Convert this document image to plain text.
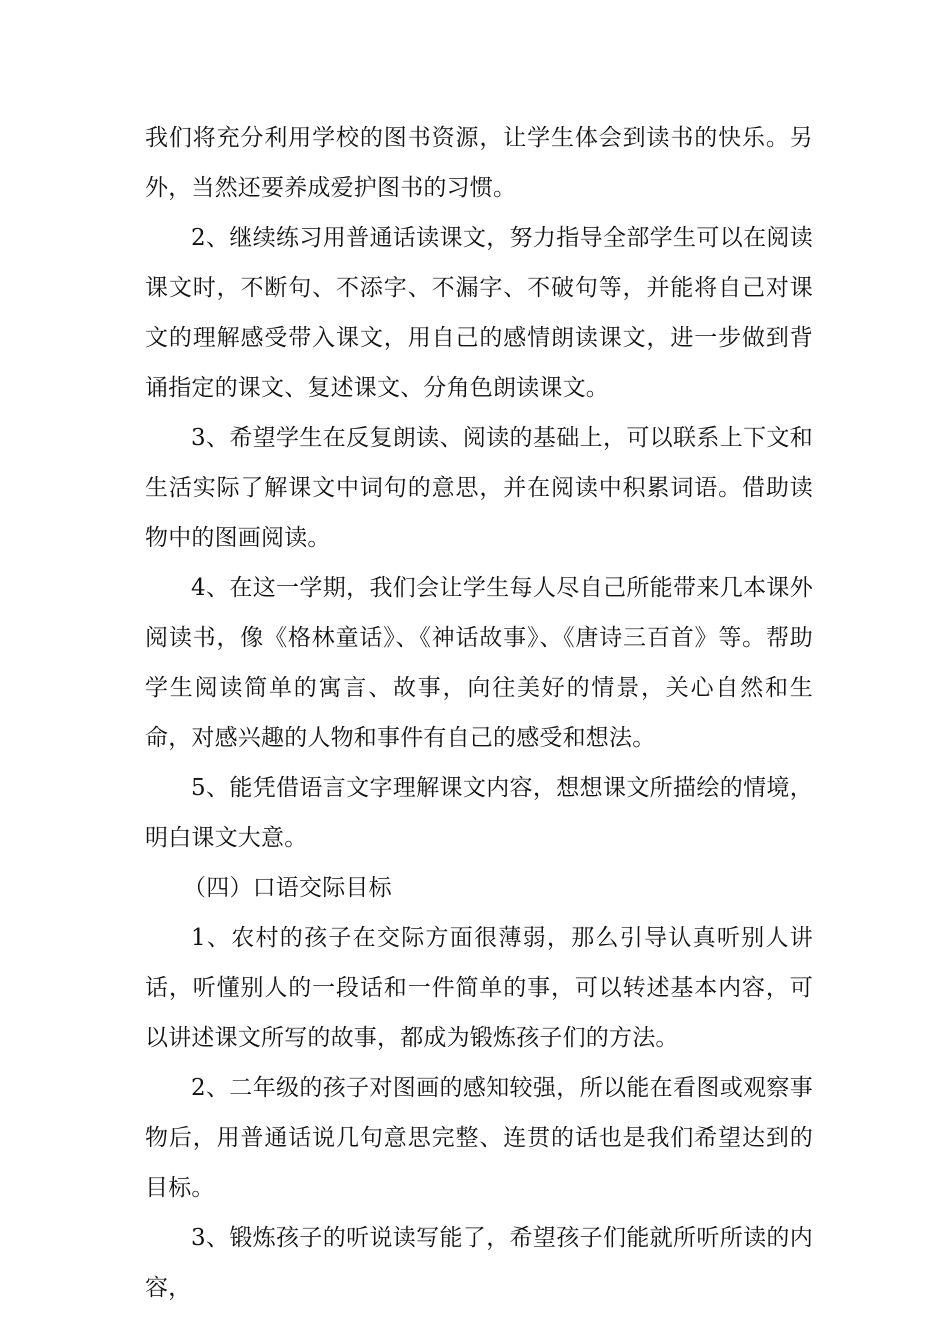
我们将充分利用学校的图书资源，让学生体会到读书的快乐。另外，当然还要养成爱护图书的习惯。

2、继续练习用普通话读课文，努力指导全部学生可以在阅读课文时，不断句、不添字、不漏字、不破句等，并能将自己对课文的理解感受带入课文，用自己的感情朗读课文，进一步做到背诵指定的课文、复述课文、分角色朗读课文。

3、希望学生在反复朗读、阅读的基础上，可以联系上下文和生活实际了解课文中词句的意思，并在阅读中积累词语。借助读物中的图画阅读。

4、在这一学期，我们会让学生每人尽自己所能带来几本课外阅读书，像《格林童话》、《神话故事》、《唐诗三百首》等。帮助学生阅读简单的寓言、故事，向往美好的情景，关心自然和生命，对感兴趣的人物和事件有自己的感受和想法。

5、能凭借语言文字理解课文内容，想想课文所描绘的情境，明白课文大意。

（四）口语交际目标

1、农村的孩子在交际方面很薄弱，那么引导认真听别人讲话，听懂别人的一段话和一件简单的事，可以转述基本内容，可以讲述课文所写的故事，都成为锻炼孩子们的方法。

2、二年级的孩子对图画的感知较强，所以能在看图或观察事物后，用普通话说几句意思完整、连贯的话也是我们希望达到的目标。

3、锻炼孩子的听说读写能了，希望孩子们能就所听所读的内容，
